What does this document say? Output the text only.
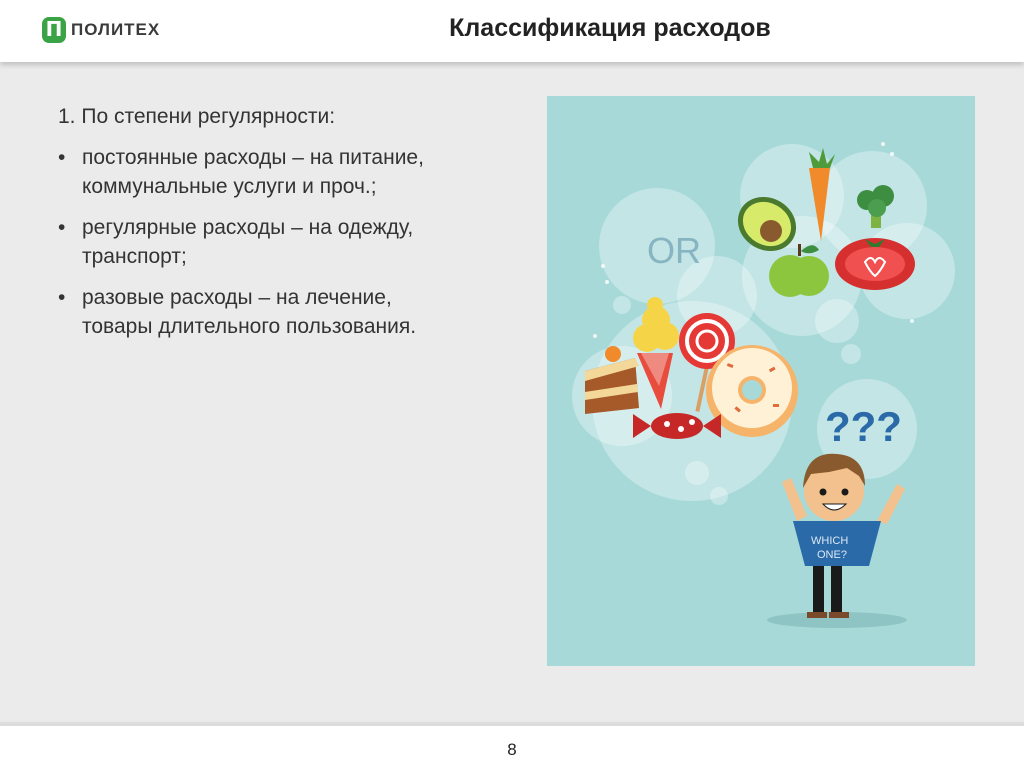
П ПОЛИТЕХ	Классификация расходов
1. По степени регулярности:
• постоянные расходы – на питание, коммунальные услуги и проч.;
• регулярные расходы – на одежду, транспорт;
• разовые расходы – на лечение, товары длительного пользования.
OR
???
WHICH
ONE?
8
